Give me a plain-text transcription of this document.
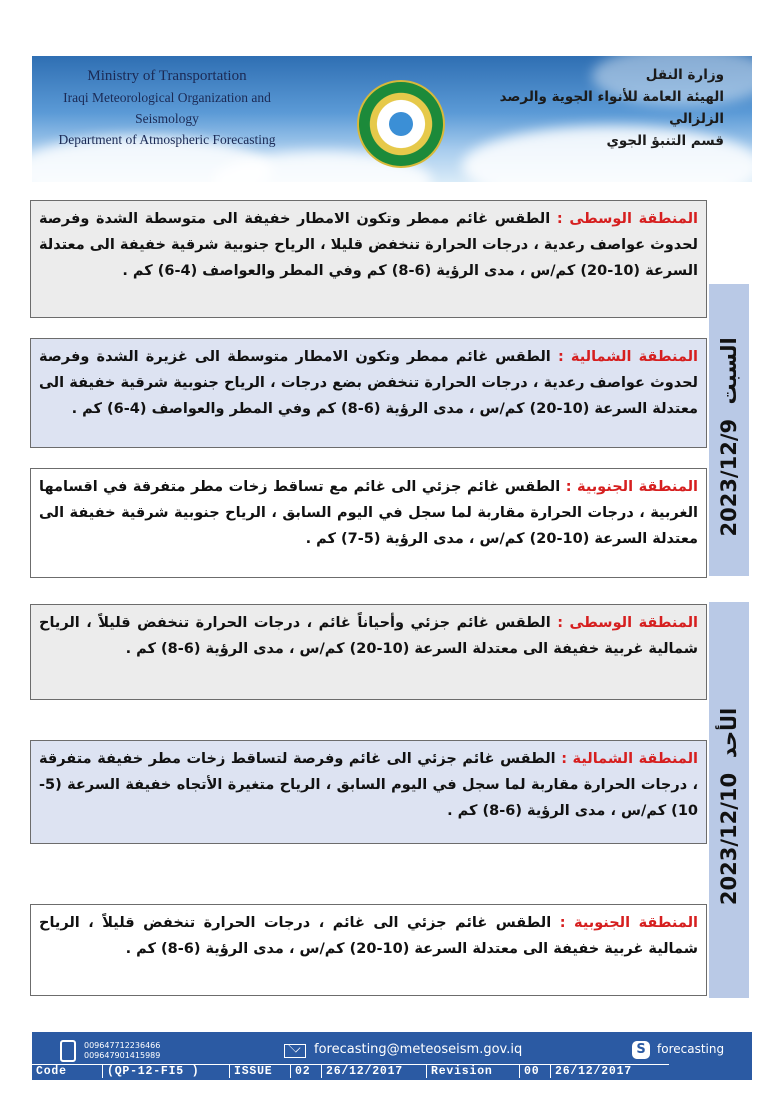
Ministry of Transportation
Iraqi Meteorological Organization and Seismology
Department of Atmospheric Forecasting
وزارة النقل
الهيئة العامة للأنواء الجوية والرصد الزلزالي
قسم التنبؤ الجوي
المنطقة الوسطى : الطقس غائم ممطر وتكون الامطار خفيفة الى متوسطة الشدة وفرصة لحدوث عواصف رعدية ، درجات الحرارة تنخفض قليلا ، الرياح جنوبية شرقية خفيفة الى معتدلة السرعة (10-20) كم/س ، مدى الرؤية (6-8) كم وفي المطر والعواصف (4-6) كم .
المنطقة الشمالية : الطقس غائم ممطر وتكون الامطار متوسطة الى غزيرة الشدة وفرصة لحدوث عواصف رعدية ، درجات الحرارة تنخفض بضع درجات ، الرياح جنوبية شرقية خفيفة الى معتدلة السرعة (10-20) كم/س ، مدى الرؤية (6-8) كم وفي المطر والعواصف (4-6) كم .
المنطقة الجنوبية : الطقس غائم جزئي الى غائم مع تساقط زخات مطر متفرقة في اقسامها الغربية ، درجات الحرارة مقاربة لما سجل في اليوم السابق ، الرياح جنوبية شرقية خفيفة الى معتدلة السرعة (10-20) كم/س ، مدى الرؤية (5-7) كم .
السبت  2023/12/9
المنطقة الوسطى : الطقس غائم جزئي وأحياناً غائم ، درجات الحرارة تنخفض قليلاً ، الرياح شمالية غربية خفيفة الى معتدلة السرعة (10-20) كم/س ، مدى الرؤية (6-8) كم .
المنطقة الشمالية : الطقس غائم جزئي الى غائم وفرصة لتساقط زخات مطر خفيفة متفرقة ، درجات الحرارة مقاربة لما سجل في اليوم السابق ، الرياح متغيرة الأتجاه خفيفة السرعة (5-10) كم/س ، مدى الرؤية (6-8) كم .
المنطقة الجنوبية : الطقس غائم جزئي الى غائم ، درجات الحرارة تنخفض قليلاً ، الرياح شمالية غربية خفيفة الى معتدلة السرعة (10-20) كم/س ، مدى الرؤية (6-8) كم .
الأحد  2023/12/10
009647712236466
009647901415989	forecasting@meteoseism.gov.iq	S forecasting
Code	(QP-12-FI5 )	ISSUE	02	26/12/2017	Revision	00	26/12/2017
